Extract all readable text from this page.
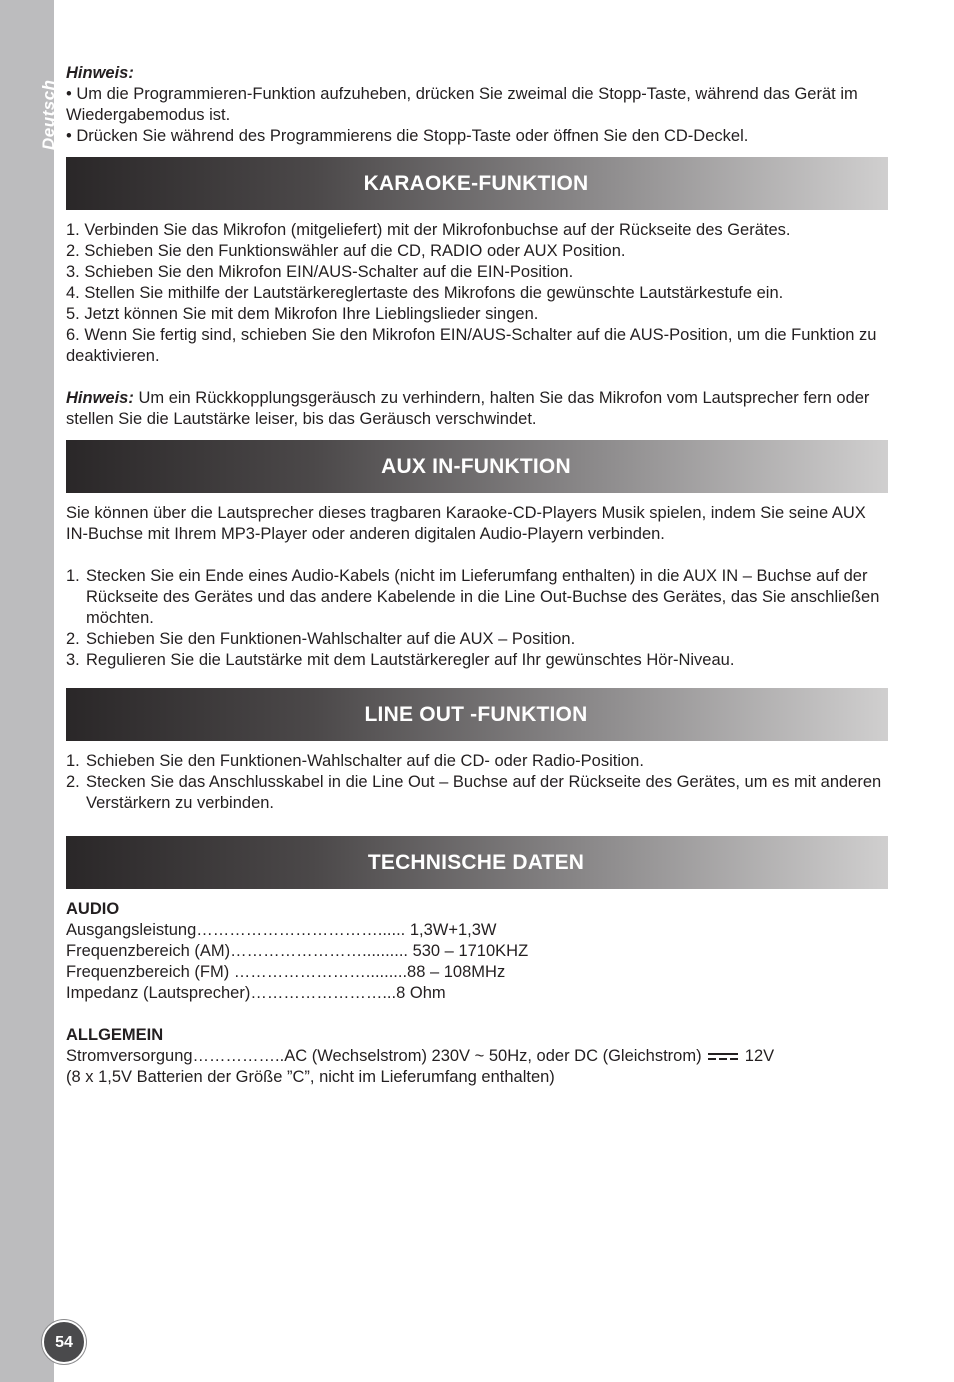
Deutsch
54

Hinweis:

• Um die Programmieren-Funktion aufzuheben, drücken Sie zweimal die Stopp-Taste, während das Gerät im Wiedergabemodus ist.

• Drücken Sie während des Programmierens die Stopp-Taste oder öffnen Sie den CD-Deckel.

KARAOKE-FUNKTION

1. Verbinden Sie das Mikrofon (mitgeliefert) mit der Mikrofonbuchse auf der Rückseite des Gerätes.

2. Schieben Sie den Funktionswähler auf die CD, RADIO oder AUX Position.

3. Schieben Sie den Mikrofon EIN/AUS-Schalter auf die EIN-Position.

4. Stellen Sie mithilfe der Lautstärkereglertaste des Mikrofons die gewünschte Lautstärkestufe ein.

5. Jetzt können Sie mit dem Mikrofon Ihre Lieblingslieder singen.

6. Wenn Sie fertig sind, schieben Sie den Mikrofon EIN/AUS-Schalter auf die AUS-Position, um die Funktion zu deaktivieren.

Hinweis: Um ein Rückkopplungsgeräusch zu verhindern, halten Sie das Mikrofon vom Lautsprecher fern oder stellen Sie die Lautstärke leiser, bis das Geräusch verschwindet.

AUX IN-FUNKTION

Sie können über die Lautsprecher dieses tragbaren Karaoke-CD-Players Musik spielen, indem Sie seine AUX IN-Buchse mit Ihrem MP3-Player oder anderen digitalen Audio-Playern verbinden.

1. Stecken Sie ein Ende eines Audio-Kabels (nicht im Lieferumfang enthalten) in die AUX IN – Buchse auf der Rückseite des Gerätes und das andere Kabelende in die Line Out-Buchse des Gerätes, das Sie anschließen möchten.
2. Schieben Sie den Funktionen-Wahlschalter auf die AUX – Position.
3. Regulieren Sie die Lautstärke mit dem Lautstärkeregler auf Ihr gewünschtes Hör-Niveau.
LINE OUT -FUNKTION
1. Schieben Sie den Funktionen-Wahlschalter auf die CD- oder Radio-Position.
2. Stecken Sie das Anschlusskabel in die Line Out – Buchse auf der Rückseite des Gerätes, um es mit anderen Verstärkern zu verbinden.
TECHNISCHE DATEN

AUDIO

Ausgangsleistung……………………………...... 1,3W+1,3W

Frequenzbereich (AM)…………………….......... 530 – 1710KHZ

Frequenzbereich (FM) …………………….........88 – 108MHz

Impedanz (Lautsprecher)……………………...8 Ohm

ALLGEMEIN

Stromversorgung……………..AC (Wechselstrom) 230V ~ 50Hz, oder DC (Gleichstrom)  12V

(8 x 1,5V Batterien der Größe ”C”, nicht im Lieferumfang enthalten)
